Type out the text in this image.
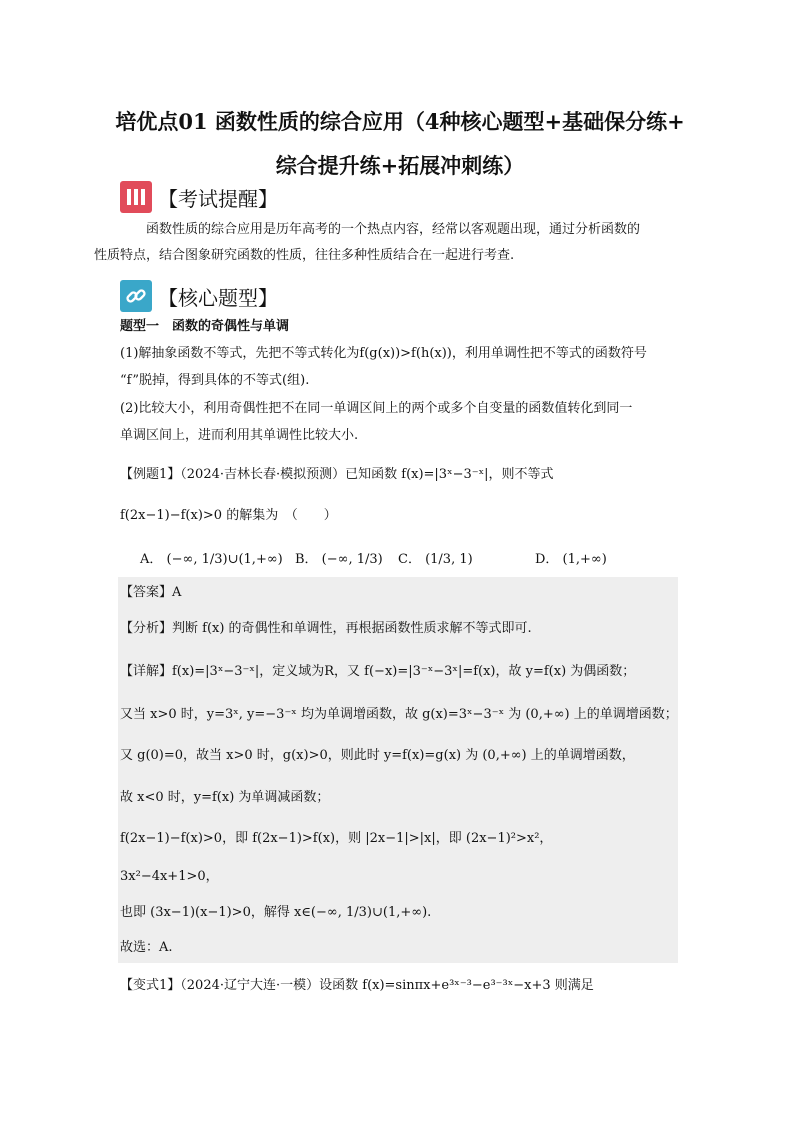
培优点01 函数性质的综合应用（4种核心题型+基础保分练+
综合提升练+拓展冲刺练）
【考试提醒】
函数性质的综合应用是历年高考的一个热点内容，经常以客观题出现，通过分析函数的
性质特点，结合图象研究函数的性质，往往多种性质结合在一起进行考查.
【核心题型】
题型一　函数的奇偶性与单调
(1)解抽象函数不等式，先把不等式转化为f(g(x))>f(h(x))，利用单调性把不等式的函数符号
“f”脱掉，得到具体的不等式(组).
(2)比较大小，利用奇偶性把不在同一单调区间上的两个或多个自变量的函数值转化到同一
单调区间上，进而利用其单调性比较大小.
【例题1】（2024·吉林长春·模拟预测）已知函数 f(x)=|3ˣ−3⁻ˣ|，则不等式
f(2x−1)−f(x)>0 的解集为　（　　）
A． (−∞, 1/3)∪(1,+∞) B． (−∞, 1/3) C． (1/3, 1)	D． (1,+∞)
【答案】A
【分析】判断 f(x) 的奇偶性和单调性，再根据函数性质求解不等式即可.
【详解】f(x)=|3ˣ−3⁻ˣ|，定义域为R，又 f(−x)=|3⁻ˣ−3ˣ|=f(x)，故 y=f(x) 为偶函数；
又当 x>0 时，y=3ˣ, y=−3⁻ˣ 均为单调增函数，故 g(x)=3ˣ−3⁻ˣ 为 (0,+∞) 上的单调增函数；
又 g(0)=0，故当 x>0 时，g(x)>0，则此时 y=f(x)=g(x) 为 (0,+∞) 上的单调增函数，
故 x<0 时，y=f(x) 为单调减函数；
f(2x−1)−f(x)>0，即 f(2x−1)>f(x)，则 |2x−1|>|x|，即 (2x−1)²>x²，
3x²−4x+1>0，
也即 (3x−1)(x−1)>0，解得 x∈(−∞, 1/3)∪(1,+∞).
故选：A.
【变式1】（2024·辽宁大连·一模）设函数 f(x)=sinπx+e³ˣ⁻³−e³⁻³ˣ−x+3 则满足
